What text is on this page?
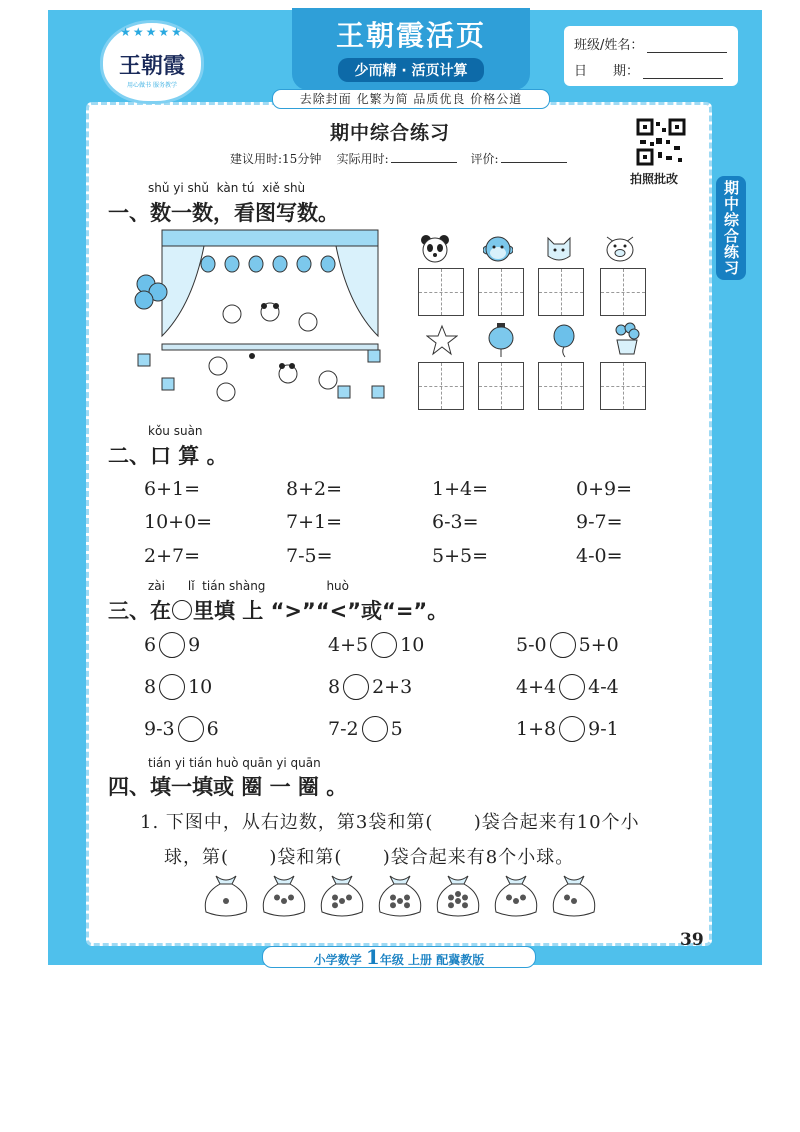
★★★★★
王朝霞
用心做书 服务教学
王朝霞活页
少而精 · 活页计算
班级/姓名：
日　　期：
去除封面 化繁为简 品质优良 价格公道
期中综合练习
拍照批改
期中综合练习
建议用时:15分钟 实际用时:	评价:
shǔ yi shǔ  kàn tú  xiě shù
一、数一数，看图写数。
kǒu suàn
二、口 算 。
6+1=	8+2=	1+4=	0+9=
10+0=	7+1=	6-3=	9-7=
2+7=	7-5=	5+5=	4-0=
zài      lǐ  tián shàng                huò
三、在 里填 上 “>”“<”或“=”。
6 9	4+5 10	5-0 5+0
8 10	8 2+3	4+4 4-4
9-3 6	7-2 5	1+8 9-1
tián yi tián huò quān yi quān
四、填一填或 圈 一 圈 。
1. 下图中，从右边数，第3袋和第(      )袋合起来有10个小
球，第(      )袋和第(      )袋合起来有8个小球。
39
小学数学 1年级 上册 配冀教版
